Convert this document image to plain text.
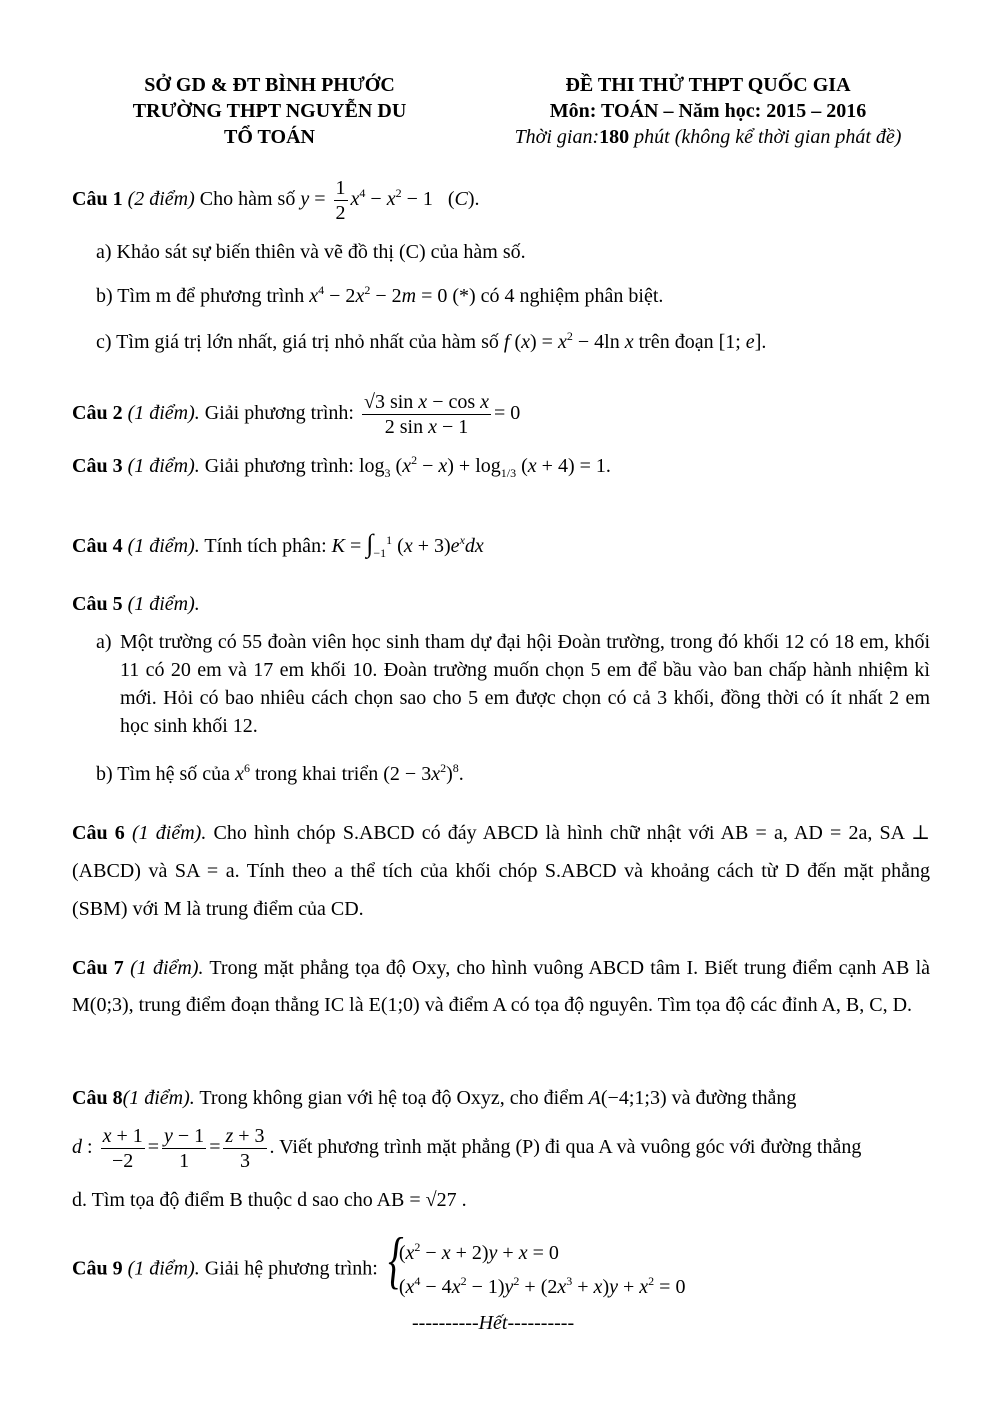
SỞ GD & ĐT BÌNH PHƯỚC
TRƯỜNG THPT NGUYỄN DU
TỔ TOÁN
ĐỀ THI THỬ THPT QUỐC GIA
Môn: TOÁN – Năm học: 2015 – 2016
Thời gian:180 phút (không kể thời gian phát đề)
Câu 1 (2 điểm) Cho hàm số $y = \frac{1}{2} x^4 - x^2 - 1$ (C).
a) Khảo sát sự biến thiên và vẽ đồ thị (C) của hàm số.
b) Tìm m để phương trình $x^4 - 2x^2 - 2m = 0$ (*) có 4 nghiệm phân biệt.
c) Tìm giá trị lớn nhất, giá trị nhỏ nhất của hàm số f $(x) = x^2 - 4\ln$ x trên đoạn [1; e].
Câu 2 (1 điểm). Giải phương trình: $\frac{\text{√3 sin x − cos x}}{\text{2 sin x − 1}} = 0$
Câu 3 (1 điểm). Giải phương trình: $\log_3 (x^2 - x) + \log_{1/3} (x + 4) = 1$.
Câu 4 (1 điểm). Tính tích phân: $K = \int_{-1}^1$ $(x + 3)e^xdx$
Câu 5 (1 điểm).
a) Một trường có 55 đoàn viên học sinh tham dự đại hội Đoàn trường, trong đó khối 12 có 18 em, khối 11 có 20 em và 17 em khối 10. Đoàn trường muốn chọn 5 em để bầu vào ban chấp hành nhiệm kì mới. Hỏi có bao nhiêu cách chọn sao cho 5 em được chọn có cả 3 khối, đồng thời có ít nhất 2 em học sinh khối 12.
b) Tìm hệ số của $x^6$ trong khai triển $(2 - 3x^2)^8$.
Câu 6 (1 điểm). Cho hình chóp S.ABCD có đáy ABCD là hình chữ nhật với AB = a, AD = 2a, SA ⊥ (ABCD) và SA = a. Tính theo a thể tích của khối chóp S.ABCD và khoảng cách từ D đến mặt phẳng (SBM) với M là trung điểm của CD.
Câu 7 (1 điểm). Trong mặt phẳng tọa độ Oxy, cho hình vuông ABCD tâm I. Biết trung điểm cạnh AB là M(0;3), trung điểm đoạn thẳng IC là E(1;0) và điểm A có tọa độ nguyên. Tìm tọa độ các đỉnh A, B, C, D.
Câu 8(1 điểm). Trong không gian với hệ toạ độ Oxyz, cho điểm A(−4;1;3) và đường thẳng
d : $\frac{x + 1}{-2} = \frac{y - 1}{1} = \frac{z + 3}{3}$ . Viết phương trình mặt phẳng (P) đi qua A và vuông góc với đường thẳng
d. Tìm tọa độ điểm B thuộc d sao cho AB = √27 .
Câu 9 (1 điểm). Giải hệ phương trình:
{ $(x^2 - x + 2)y + x = 0$
$(x^4 - 4x^2 - 1)y^2 + (2x^3 + x)y + x^2 = 0$
----------Hết----------
